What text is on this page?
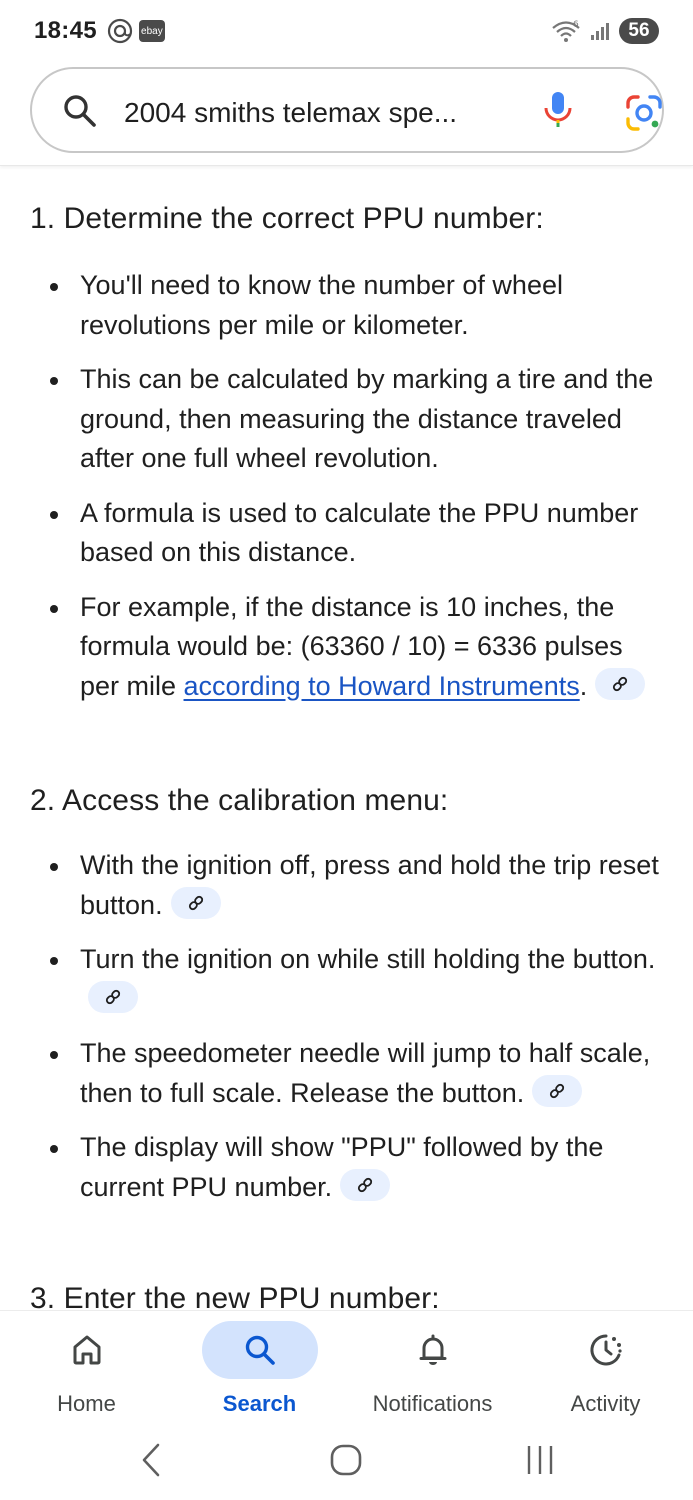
18:45	ebay
6	56
2004 smiths telemax spe...
1. Determine the correct PPU number:
You'll need to know the number of wheel revolutions per mile or kilometer.
This can be calculated by marking a tire and the ground, then measuring the distance traveled after one full wheel revolution.
A formula is used to calculate the PPU number based on this distance.
For example, if the distance is 10 inches, the formula would be: (63360 / 10) = 6336 pulses per mile according to Howard Instruments.
2. Access the calibration menu:
With the ignition off, press and hold the trip reset button.
Turn the ignition on while still holding the button.
The speedometer needle will jump to half scale, then to full scale. Release the button.
The display will show "PPU" followed by the current PPU number.
3. Enter the new PPU number:
Home	Search	Notifications	Activity
